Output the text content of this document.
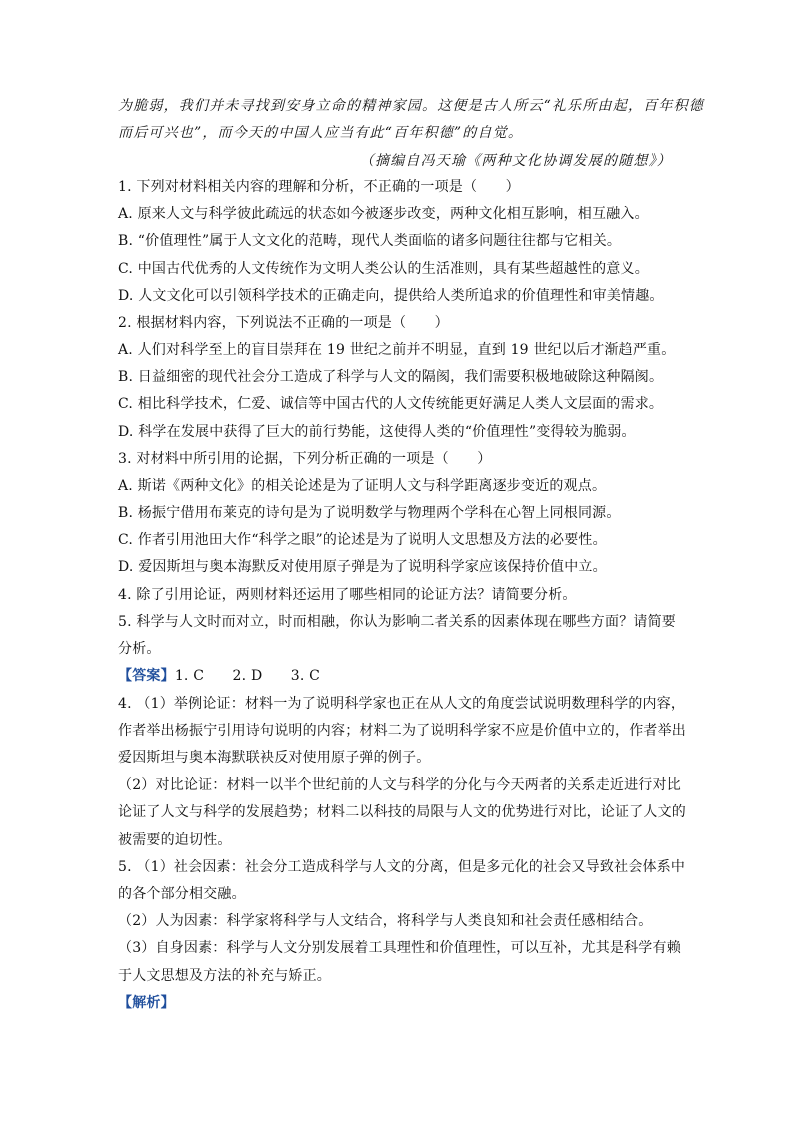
为脆弱，我们并未寻找到安身立命的精神家园。这便是古人所云“礼乐所由起，百年积德
而后可兴也”，而今天的中国人应当有此“百年积德”的自觉。
（摘编自冯天瑜《两种文化协调发展的随想》）
1. 下列对材料相关内容的理解和分析，不正确的一项是（　　）
A. 原来人文与科学彼此疏远的状态如今被逐步改变，两种文化相互影响，相互融入。
B. “价值理性”属于人文文化的范畴，现代人类面临的诸多问题往往都与它相关。
C. 中国古代优秀的人文传统作为文明人类公认的生活准则，具有某些超越性的意义。
D. 人文文化可以引领科学技术的正确走向，提供给人类所追求的价值理性和审美情趣。
2. 根据材料内容，下列说法不正确的一项是（　　）
A. 人们对科学至上的盲目崇拜在 19 世纪之前并不明显，直到 19 世纪以后才渐趋严重。
B. 日益细密的现代社会分工造成了科学与人文的隔阂，我们需要积极地破除这种隔阂。
C. 相比科学技术，仁爱、诚信等中国古代的人文传统能更好满足人类人文层面的需求。
D. 科学在发展中获得了巨大的前行势能，这使得人类的“价值理性”变得较为脆弱。
3. 对材料中所引用的论据，下列分析正确的一项是（　　）
A. 斯诺《两种文化》的相关论述是为了证明人文与科学距离逐步变近的观点。
B. 杨振宁借用布莱克的诗句是为了说明数学与物理两个学科在心智上同根同源。
C. 作者引用池田大作“科学之眼”的论述是为了说明人文思想及方法的必要性。
D. 爱因斯坦与奥本海默反对使用原子弹是为了说明科学家应该保持价值中立。
4. 除了引用论证，两则材料还运用了哪些相同的论证方法？请简要分析。
5. 科学与人文时而对立，时而相融，你认为影响二者关系的因素体现在哪些方面？请简要
分析。
【答案】1. C　　2. D　　3. C
4. （1）举例论证：材料一为了说明科学家也正在从人文的角度尝试说明数理科学的内容，
作者举出杨振宁引用诗句说明的内容；材料二为了说明科学家不应是价值中立的，作者举出
爱因斯坦与奥本海默联袂反对使用原子弹的例子。
（2）对比论证：材料一以半个世纪前的人文与科学的分化与今天两者的关系走近进行对比
论证了人文与科学的发展趋势；材料二以科技的局限与人文的优势进行对比，论证了人文的
被需要的迫切性。
5. （1）社会因素：社会分工造成科学与人文的分离，但是多元化的社会又导致社会体系中
的各个部分相交融。
（2）人为因素：科学家将科学与人文结合，将科学与人类良知和社会责任感相结合。
（3）自身因素：科学与人文分别发展着工具理性和价值理性，可以互补，尤其是科学有赖
于人文思想及方法的补充与矫正。
【解析】
